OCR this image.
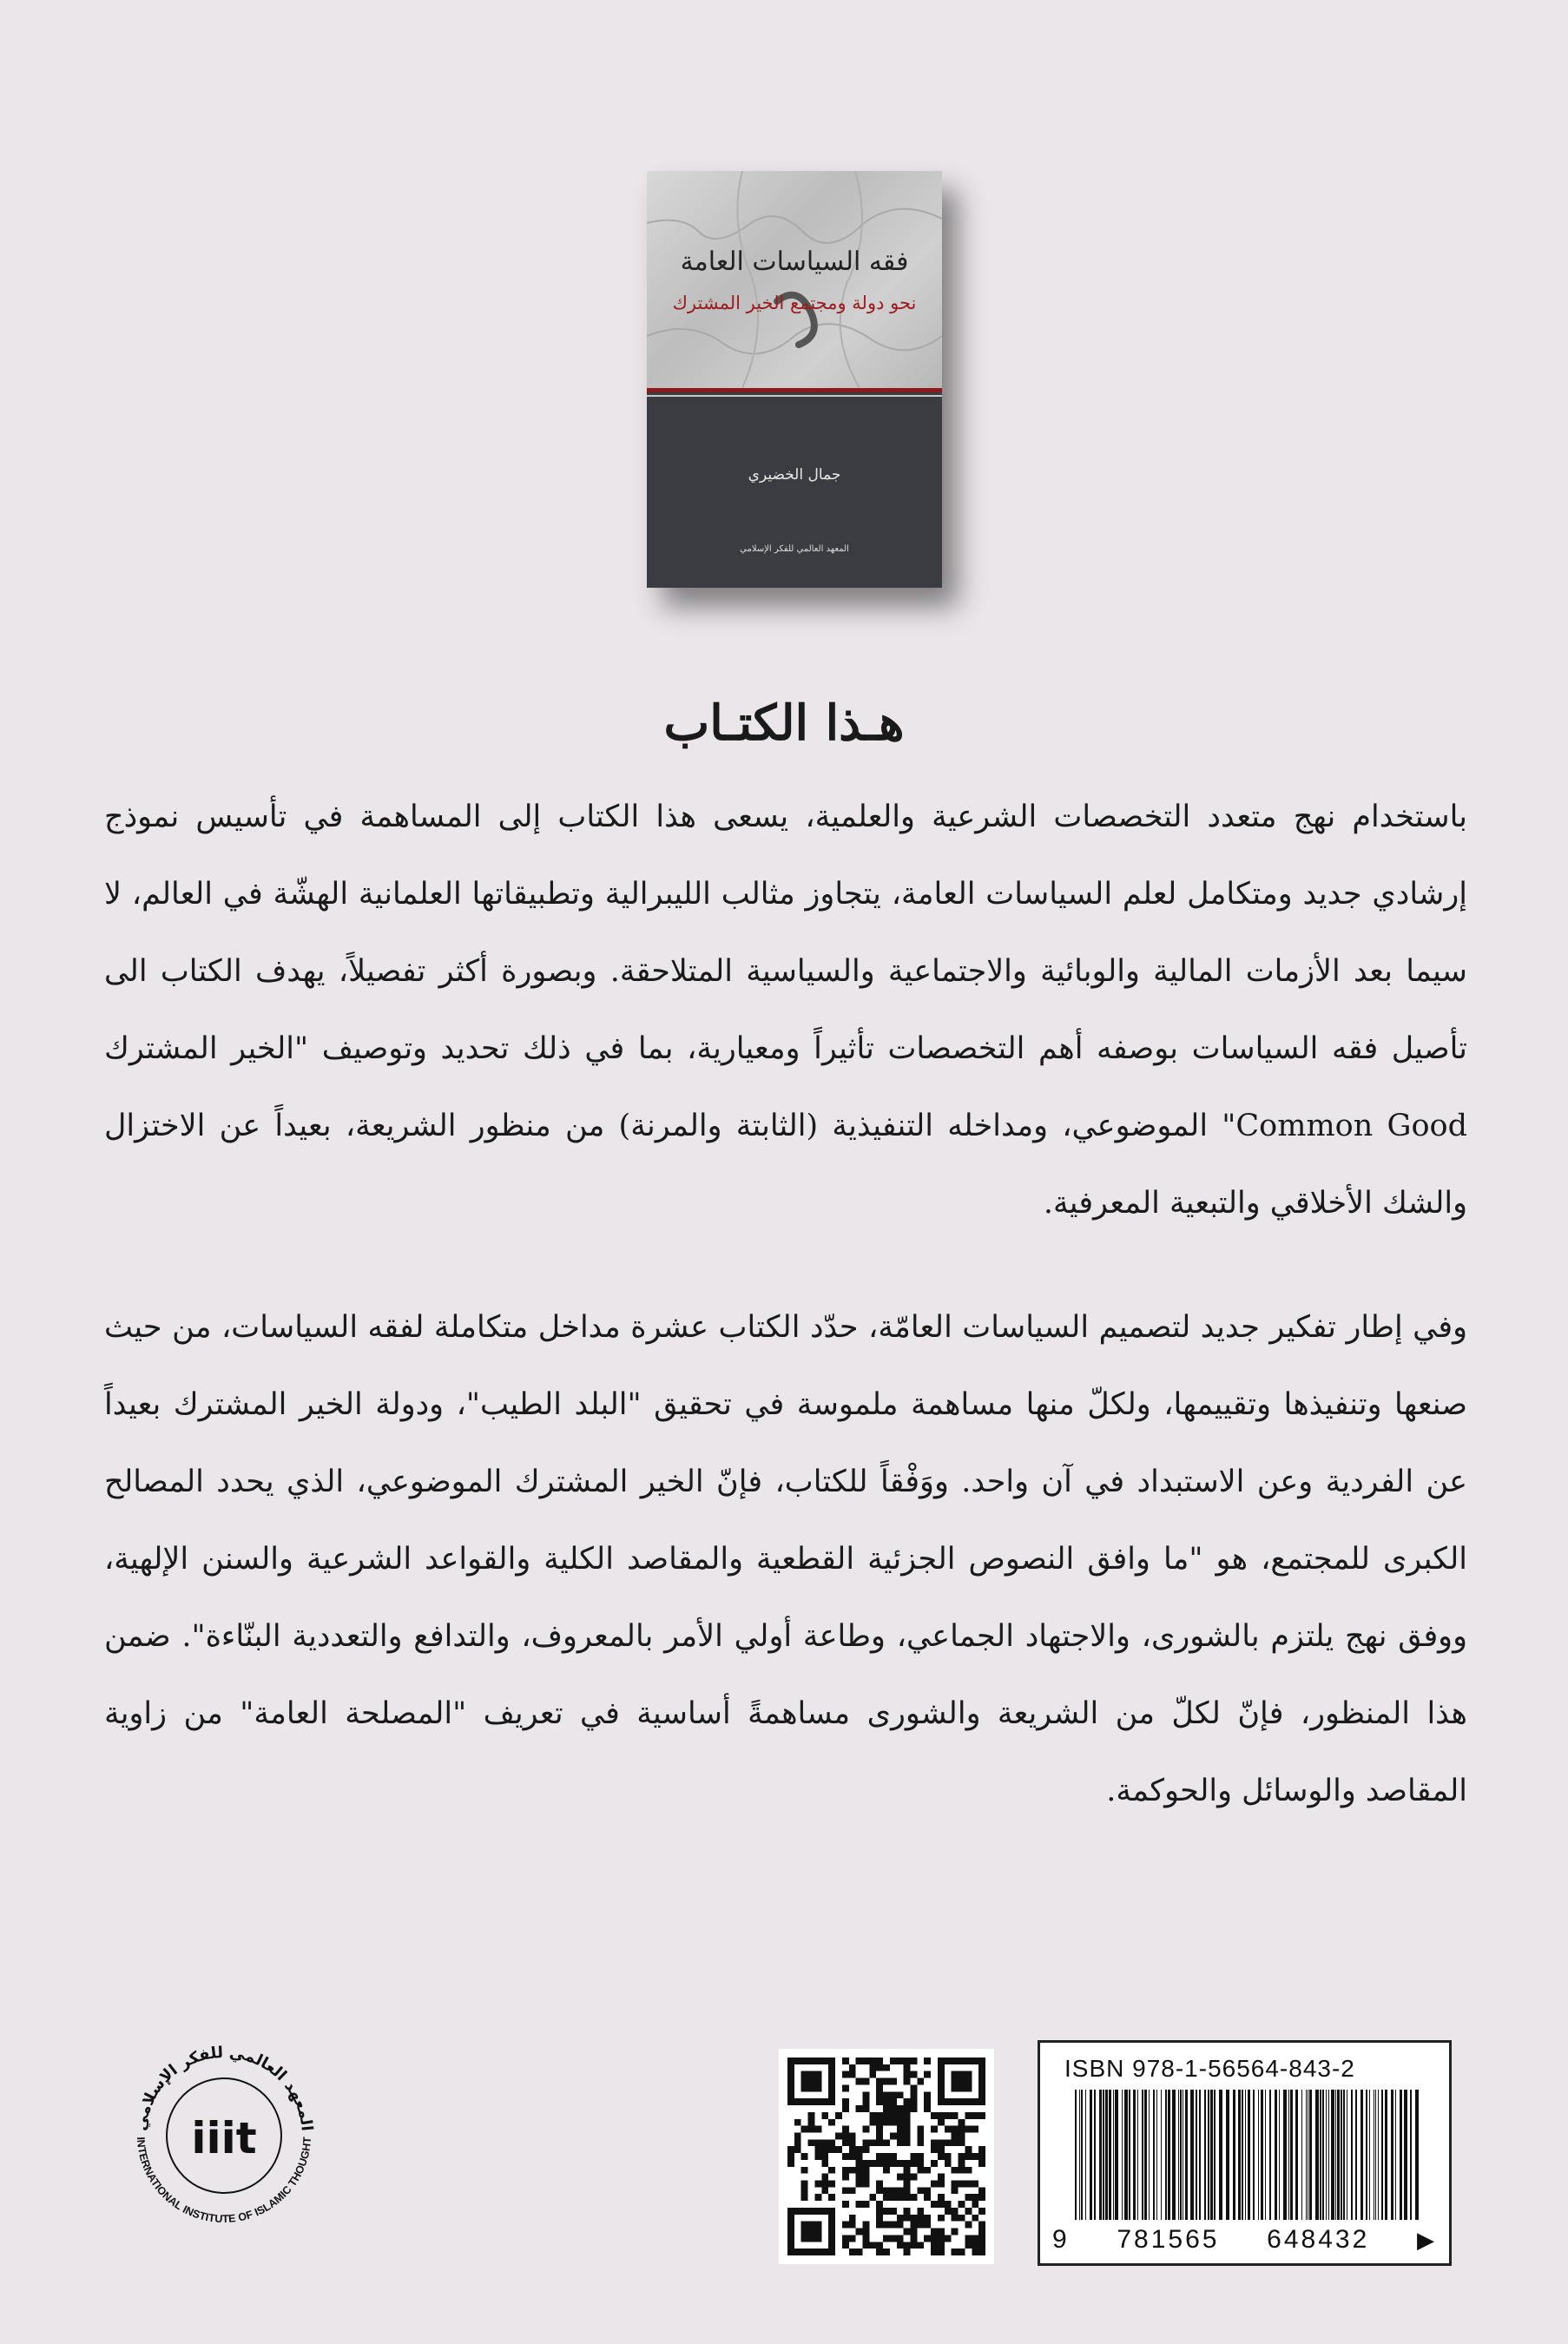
فقه السياسات العامة
نحو دولة ومجتمع الخير المشترك
جمال الخضيري
المعهد العالمي للفكر الإسلامي
هـذا الكتـاب
باستخدام نهج متعدد التخصصات الشرعية والعلمية، يسعى هذا الكتاب إلى المساهمة في تأسيس نموذج إرشادي جديد ومتكامل لعلم السياسات العامة، يتجاوز مثالب الليبرالية وتطبيقاتها العلمانية الهشّة في العالم، لا سيما بعد الأزمات المالية والوبائية والاجتماعية والسياسية المتلاحقة. وبصورة أكثر تفصيلاً، يهدف الكتاب الى تأصيل فقه السياسات بوصفه أهم التخصصات تأثيراً ومعيارية، بما في ذلك تحديد وتوصيف "الخير المشترك Common Good" الموضوعي، ومداخله التنفيذية (الثابتة والمرنة) من منظور الشريعة، بعيداً عن الاختزال والشك الأخلاقي والتبعية المعرفية.
وفي إطار تفكير جديد لتصميم السياسات العامّة، حدّد الكتاب عشرة مداخل متكاملة لفقه السياسات، من حيث صنعها وتنفيذها وتقييمها، ولكلّ منها مساهمة ملموسة في تحقيق "البلد الطيب"، ودولة الخير المشترك بعيداً عن الفردية وعن الاستبداد في آن واحد. ووَفْقاً للكتاب، فإنّ الخير المشترك الموضوعي، الذي يحدد المصالح الكبرى للمجتمع، هو "ما وافق النصوص الجزئية القطعية والمقاصد الكلية والقواعد الشرعية والسنن الإلهية، ووفق نهج يلتزم بالشورى، والاجتهاد الجماعي، وطاعة أولي الأمر بالمعروف، والتدافع والتعددية البنّاءة". ضمن هذا المنظور، فإنّ لكلّ من الشريعة والشورى مساهمةً أساسية في تعريف "المصلحة العامة" من زاوية المقاصد والوسائل والحوكمة.
المعهد العالمي للفكر الإسلامي
INTERNATIONAL INSTITUTE OF ISLAMIC THOUGHT
iiit
ISBN 978-1-56564-843-2
9 781565 648432 ▶
